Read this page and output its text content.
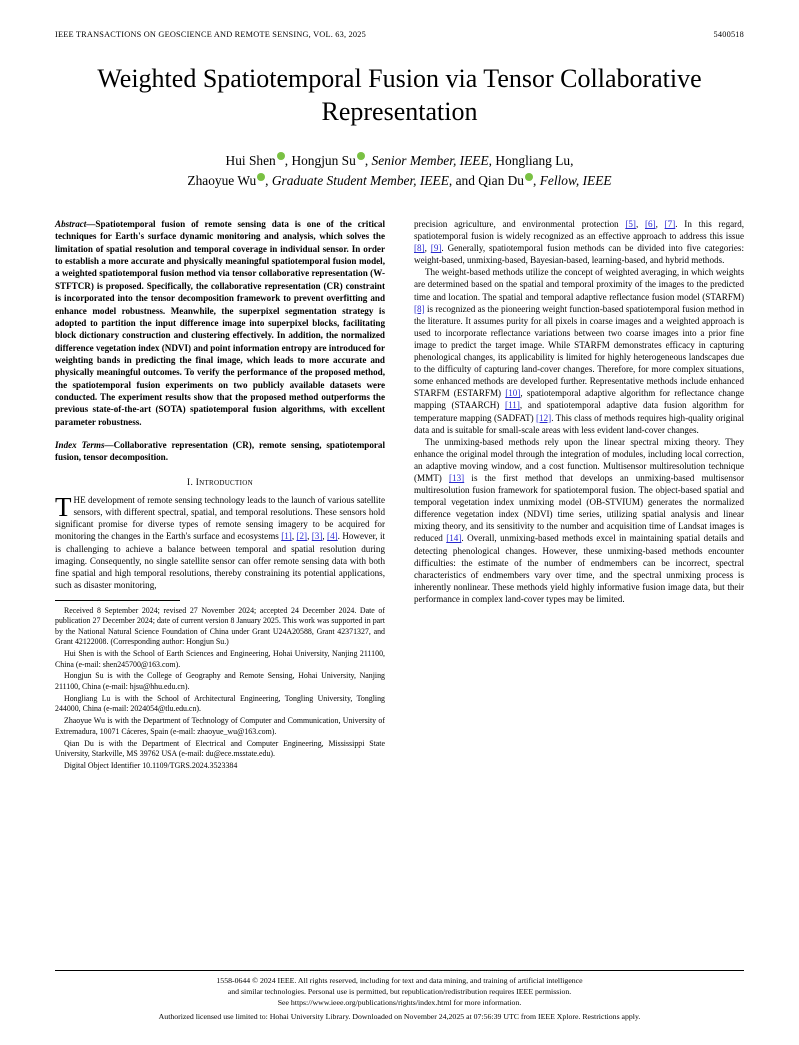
IEEE TRANSACTIONS ON GEOSCIENCE AND REMOTE SENSING, VOL. 63, 2025	5400518
Weighted Spatiotemporal Fusion via Tensor Collaborative Representation
Hui Shen , Hongjun Su , Senior Member, IEEE, Hongliang Lu,
Zhaoyue Wu , Graduate Student Member, IEEE, and Qian Du , Fellow, IEEE

Abstract—Spatiotemporal fusion of remote sensing data is one of the critical techniques for Earth's surface dynamic monitoring and analysis, which solves the limitation of spatial resolution and temporal coverage in individual sensor. In order to establish a more accurate and physically meaningful spatiotemporal fusion model, a weighted spatiotemporal fusion method via tensor collaborative representation (W-STFTCR) is proposed. Specifically, the collaborative representation (CR) constraint is incorporated into the tensor decomposition framework to prevent overfitting and enhance model robustness. Meanwhile, the superpixel segmentation strategy is adopted to partition the input difference image into superpixel blocks, facilitating block dictionary construction and clustering effectively. In addition, the normalized difference vegetation index (NDVI) and point information entropy are introduced for weighting bands in predicting the final image, which leads to more accurate and physically meaningful outcomes. To verify the performance of the proposed method, the spatiotemporal fusion experiments on two publicly available datasets were conducted. The experiment results show that the proposed method outperforms the previous state-of-the-art (SOTA) spatiotemporal fusion algorithms, with excellent parameter robustness.

Index Terms—Collaborative representation (CR), remote sensing, spatiotemporal fusion, tensor decomposition.

I. Introduction

THE development of remote sensing technology leads to the launch of various satellite sensors, with different spectral, spatial, and temporal resolutions. These sensors hold significant promise for diverse types of remote sensing imagery to be acquired for monitoring the changes in the Earth's surface and ecosystems [1], [2], [3], [4]. However, it is challenging to achieve a balance between temporal and spatial resolution during imaging. Consequently, no single satellite sensor can offer remote sensing data with both fine spatial and high temporal resolutions, thereby constraining its potential applications, such as disaster monitoring,

Received 8 September 2024; revised 27 November 2024; accepted 24 December 2024. Date of publication 27 December 2024; date of current version 8 January 2025. This work was supported in part by the National Natural Science Foundation of China under Grant U24A20588, Grant 42371327, and Grant 42122008. (Corresponding author: Hongjun Su.)

Hui Shen is with the School of Earth Sciences and Engineering, Hohai University, Nanjing 211100, China (e-mail: shen245700@163.com).

Hongjun Su is with the College of Geography and Remote Sensing, Hohai University, Nanjing 211100, China (e-mail: hjsu@hhu.edu.cn).

Hongliang Lu is with the School of Architectural Engineering, Tongling University, Tongling 244000, China (e-mail: 2024054@tlu.edu.cn).

Zhaoyue Wu is with the Department of Technology of Computer and Communication, University of Extremadura, 10071 Cáceres, Spain (e-mail: zhaoyue_wu@163.com).

Qian Du is with the Department of Electrical and Computer Engineering, Mississippi State University, Starkville, MS 39762 USA (e-mail: du@ece.msstate.edu).

Digital Object Identifier 10.1109/TGRS.2024.3523384

precision agriculture, and environmental protection [5], [6], [7]. In this regard, spatiotemporal fusion is widely recognized as an effective approach to address this issue [8], [9]. Generally, spatiotemporal fusion methods can be divided into five categories: weight-based, unmixing-based, Bayesian-based, learning-based, and hybrid methods.

The weight-based methods utilize the concept of weighted averaging, in which weights are determined based on the spatial and temporal proximity of the images to the predicted time and location. The spatial and temporal adaptive reflectance fusion model (STARFM) [8] is recognized as the pioneering weight function-based spatiotemporal fusion method in the literature. It assumes purity for all pixels in coarse images and a weighted approach is used to incorporate reflectance variations between two coarse images into a prior fine image to predict the target image. While STARFM demonstrates efficacy in capturing phenological changes, its applicability is limited for highly heterogeneous landscapes due to the difficulty of capturing land-cover changes. Therefore, for more complex situations, some enhanced methods are developed further. Representative methods include enhanced STARFM (ESTARFM) [10], spatiotemporal adaptive algorithm for reflectance change mapping (STAARCH) [11], and spatiotemporal adaptive data fusion algorithm for temperature mapping (SADFAT) [12]. This class of methods requires high-quality original data and is suitable for small-scale areas with less evident land-cover changes.

The unmixing-based methods rely upon the linear spectral mixing theory. They enhance the original model through the integration of modules, including local correction, an adaptive moving window, and a cost function. Multisensor multiresolution technique (MMT) [13] is the first method that develops an unmixing-based multisensor multiresolution fusion framework for spatiotemporal fusion. The object-based spatial and temporal vegetation index unmixing model (OB-STVIUM) generates the normalized difference vegetation index (NDVI) time series, utilizing spatial analysis and linear mixing theory, and its sensitivity to the number and acquisition time of Landsat images is reduced [14]. Overall, unmixing-based methods excel in maintaining spatial details and detecting phenological changes. However, these unmixing-based methods encounter difficulties: the estimate of the number of endmembers can be incorrect, spectral characteristics of endmembers vary over time, and the spectral unmixing process is inherently nonlinear. These methods yield highly informative fusion image data, but their performance in complex land-cover types may be limited.

1558-0644 © 2024 IEEE. All rights reserved, including for text and data mining, and training of artificial intelligence
and similar technologies. Personal use is permitted, but republication/redistribution requires IEEE permission.
See https://www.ieee.org/publications/rights/index.html for more information.
Authorized licensed use limited to: Hohai University Library. Downloaded on November 24,2025 at 07:56:39 UTC from IEEE Xplore. Restrictions apply.
